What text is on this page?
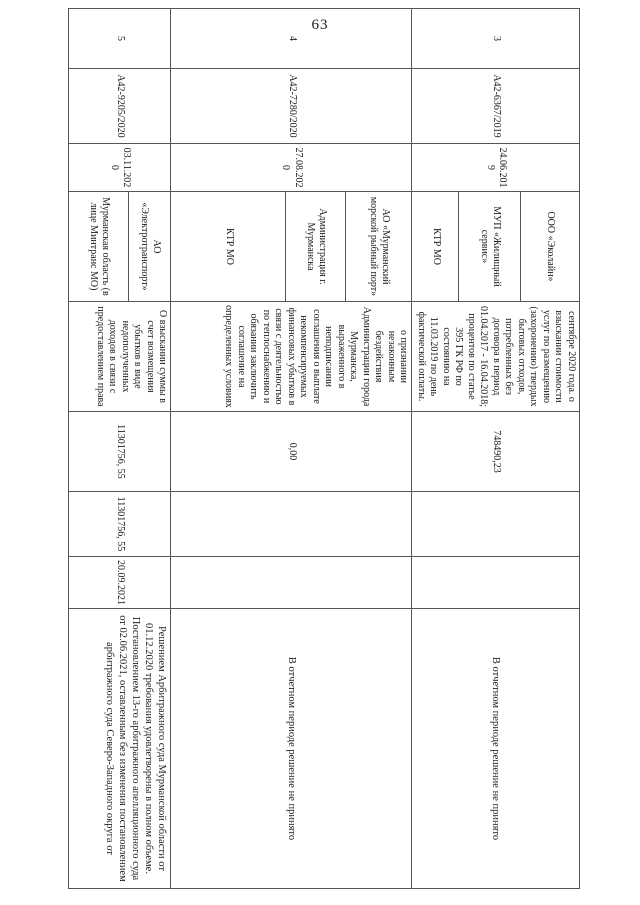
63
3	А42-6367/2019	24.06.2019	ООО «Эколайн»	сентябре 2020 года. о взыскании стоимости услуг по размещению (захоронению) твердых бытовых отходов, потребленных без договора в период 01.04.2017 - 16.04.2018; процентов по статье 395 ГК РФ по состоянию на 11.03.2019 по день фактической оплаты.	748490,23			В отчетном периоде решение не принято
			МУП «Жилищный сервис»					
			КТР МО					
4	А42-7280/2020	27.08.2020	АО «Мурманский морской рыбный порт»	о признании незаконным бездействия Администрации города Мурманска, выраженного в неподписании соглашения о выплате некомпенсируемых финансовых убытков в связи с деятельностью по теплоснабжению и обязании заключить соглашение на определенных условиях	0,00			В отчетном периоде решение не принято
			Администрация г. Мурманска					
			КТР МО					
5	А42-9205/2020	03.11.2020	АО «Электротранспорт»	О взыскании суммы в счет возмещения убытков в виде недополученных доходов в связи с предоставлением права	11301756, 55	11301756, 55	20.09.2021	Решением Арбитражного суда Мурманской области от 01.12.2020 требования удовлетворены в полном объеме. Постановлением 13-го арбитражного апелляционного суда от 02.06.2021, оставленным без изменения постановлением арбитражного суда Северо-Западного округа от
			Мурманская область (в лице Минтранс МО)					
